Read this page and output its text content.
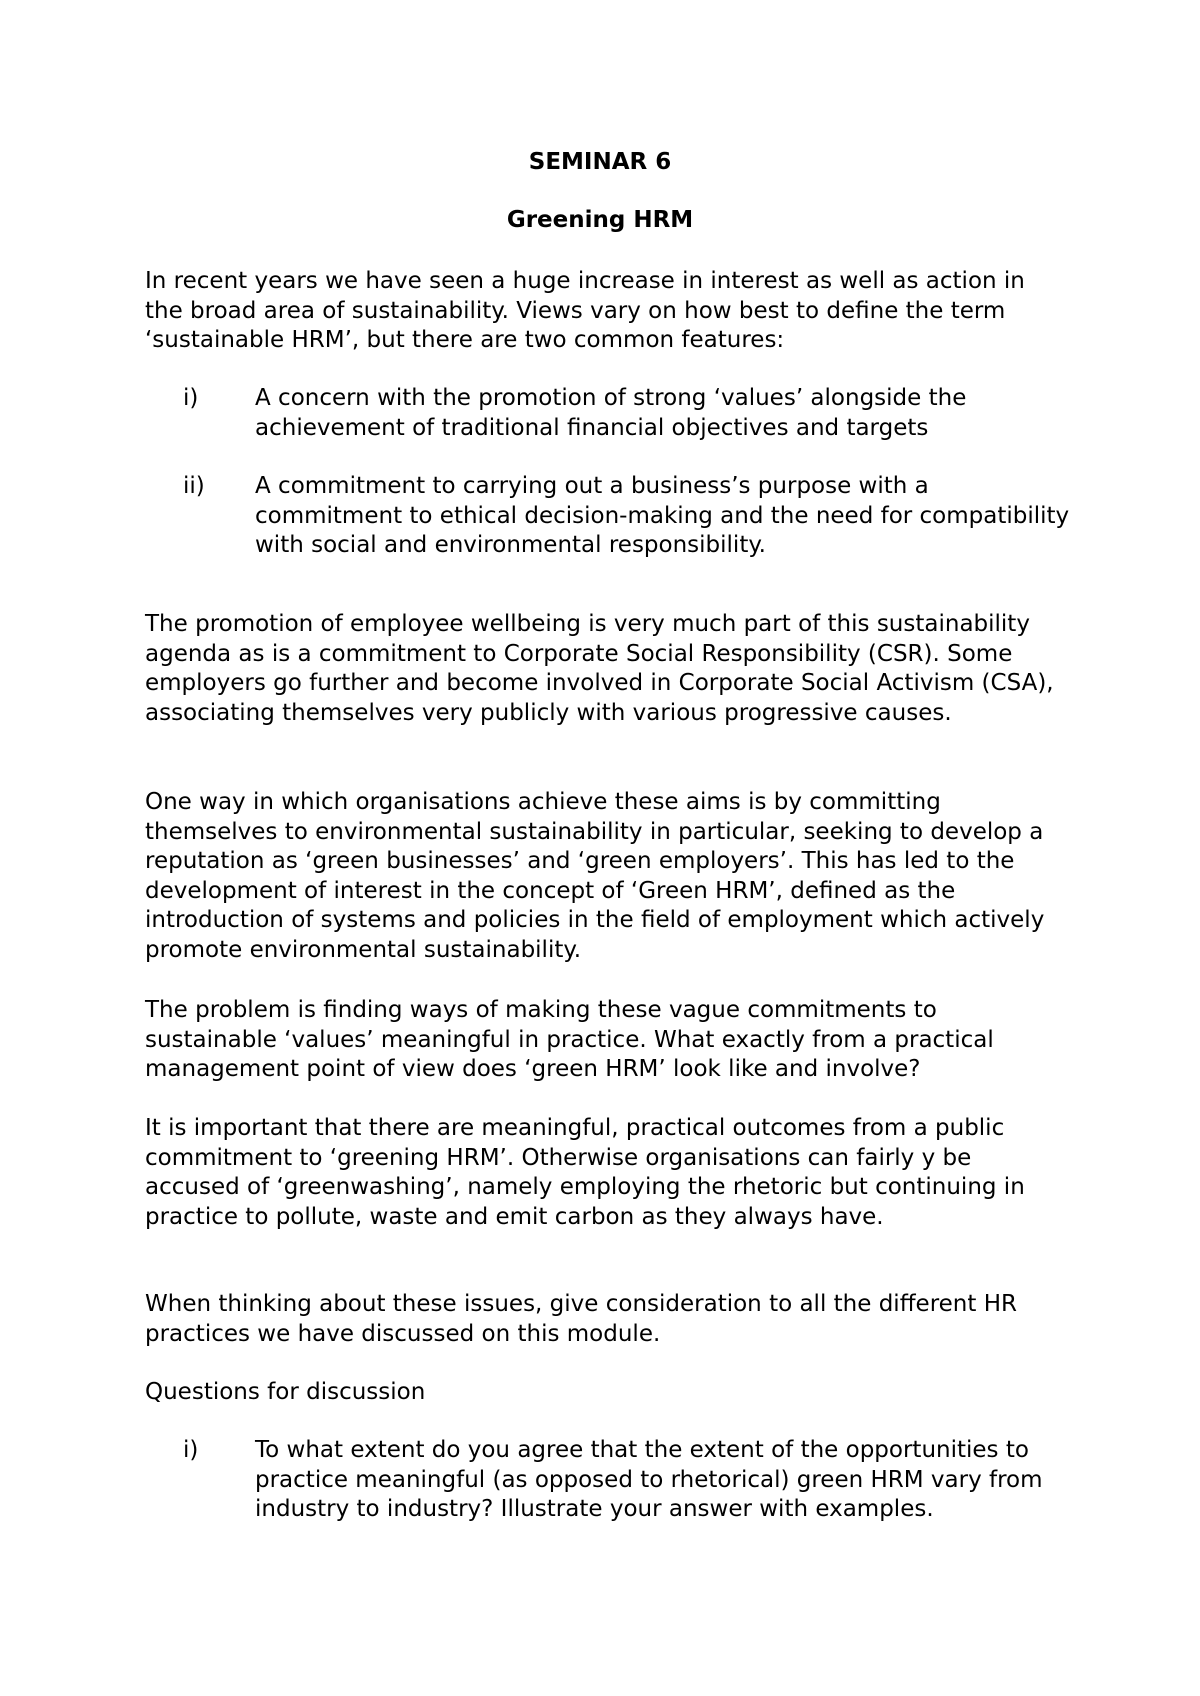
SEMINAR 6
Greening HRM

In recent years we have seen a huge increase in interest as well as action in the broad area of sustainability. Views vary on how best to define the term ‘sustainable HRM’, but there are two common features:

i) A concern with the promotion of strong ‘values’ alongside the achievement of traditional financial objectives and targets
ii) A commitment to carrying out a business’s purpose with a commitment to ethical decision-making and the need for compatibility with social and environmental responsibility.

The promotion of employee wellbeing is very much part of this sustainability agenda as is a commitment to Corporate Social Responsibility (CSR). Some employers go further and become involved in Corporate Social Activism (CSA), associating themselves very publicly with various progressive causes.

One way in which organisations achieve these aims is by committing themselves to environmental sustainability in particular, seeking to develop a reputation as ‘green businesses’ and ‘green employers’. This has led to the development of interest in the concept of ‘Green HRM’, defined as the introduction of systems and policies in the field of employment which actively promote environmental sustainability.

The problem is finding ways of making these vague commitments to sustainable ‘values’ meaningful in practice. What exactly from a practical management point of view does ‘green HRM’ look like and involve?

It is important that there are meaningful, practical outcomes from a public commitment to ‘greening HRM’. Otherwise organisations can fairly y be accused of ‘greenwashing’, namely employing the rhetoric but continuing in practice to pollute, waste and emit carbon as they always have.

When thinking about these issues, give consideration to all the different HR practices we have discussed on this module.

Questions for discussion

i) To what extent do you agree that the extent of the opportunities to practice meaningful (as opposed to rhetorical) green HRM vary from industry to industry? Illustrate your answer with examples.
